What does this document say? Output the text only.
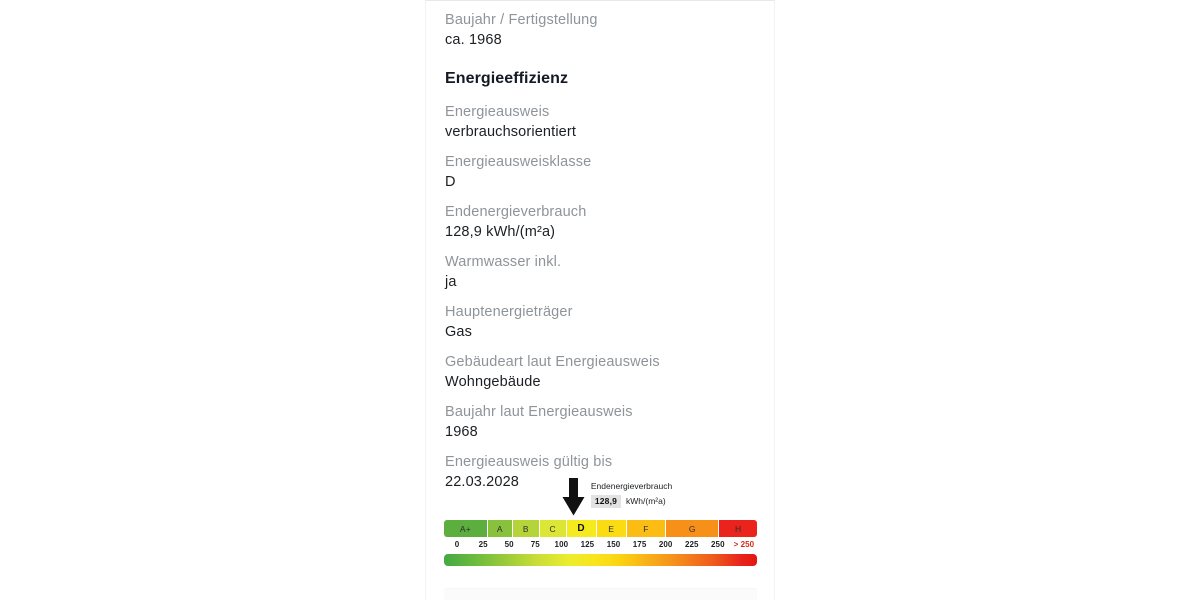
Baujahr / Fertigstellung
ca. 1968
Energieeffizienz
Energieausweis
verbrauchsorientiert
Energieausweisklasse
D
Endenergieverbrauch
128,9 kWh/(m²a)
Warmwasser inkl.
ja
Hauptenergieträger
Gas
Gebäudeart laut Energieausweis
Wohngebäude
Baujahr laut Energieausweis
1968
Energieausweis gültig bis
22.03.2028	Endenergieverbrauch
128,9	kWh/(m²a)
A+	A	B	C	D	E	F	G	H
0	25	50	75	100	125	150	175	200	225	250	> 250
